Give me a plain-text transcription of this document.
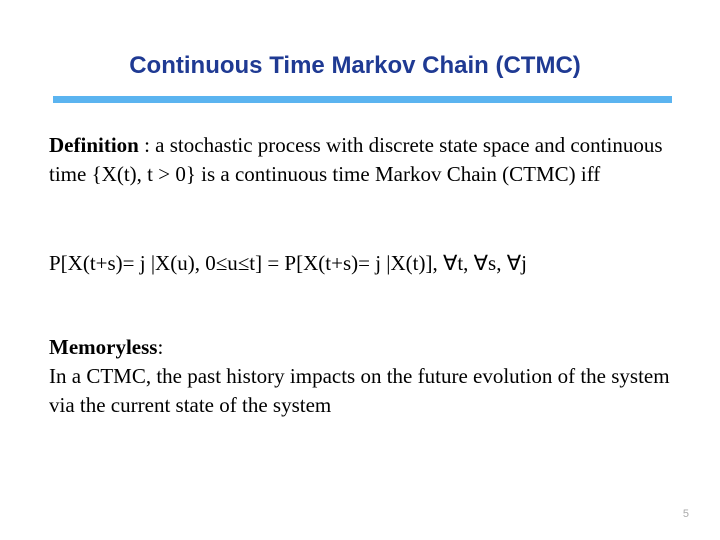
Continuous Time Markov Chain (CTMC)
Definition : a stochastic process with discrete state space and continuous time {X(t), t > 0} is a continuous time Markov Chain (CTMC) iff
P[X(t+s)= j |X(u), 0≤u≤t] = P[X(t+s)= j |X(t)], ∀t, ∀s, ∀j
Memoryless:
In a CTMC, the past history impacts on the future evolution of the system via the current state of the system
5
